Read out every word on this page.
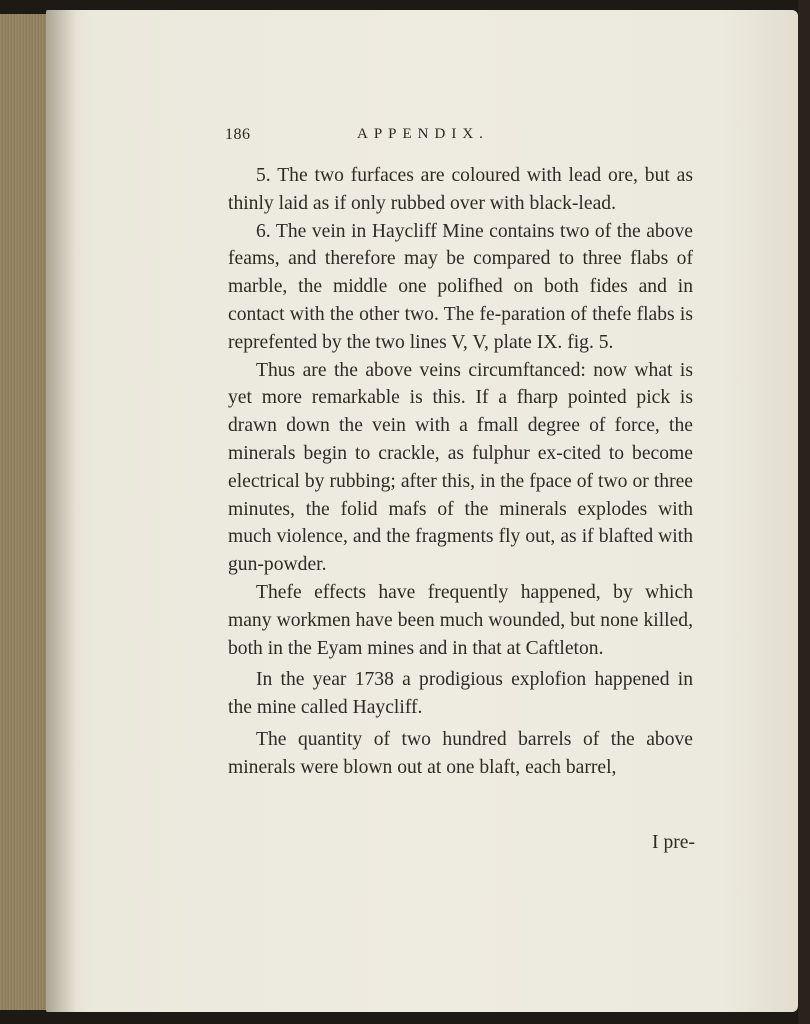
186	APPENDIX.

5. The two furfaces are coloured with lead ore, but as thinly laid as if only rubbed over with black-lead.

6. The vein in Haycliff Mine contains two of the above feams, and therefore may be compared to three flabs of marble, the middle one polifhed on both fides and in contact with the other two. The fe-paration of thefe flabs is reprefented by the two lines V, V, plate IX. fig. 5.

Thus are the above veins circumftanced: now what is yet more remarkable is this. If a fharp pointed pick is drawn down the vein with a fmall degree of force, the minerals begin to crackle, as fulphur ex-cited to become electrical by rubbing; after this, in the fpace of two or three minutes, the folid mafs of the minerals explodes with much violence, and the fragments fly out, as if blafted with gun-powder.

Thefe effects have frequently happened, by which many workmen have been much wounded, but none killed, both in the Eyam mines and in that at Caftleton.

In the year 1738 a prodigious explofion happened in the mine called Haycliff.

The quantity of two hundred barrels of the above minerals were blown out at one blaft, each barrel,

I pre-
